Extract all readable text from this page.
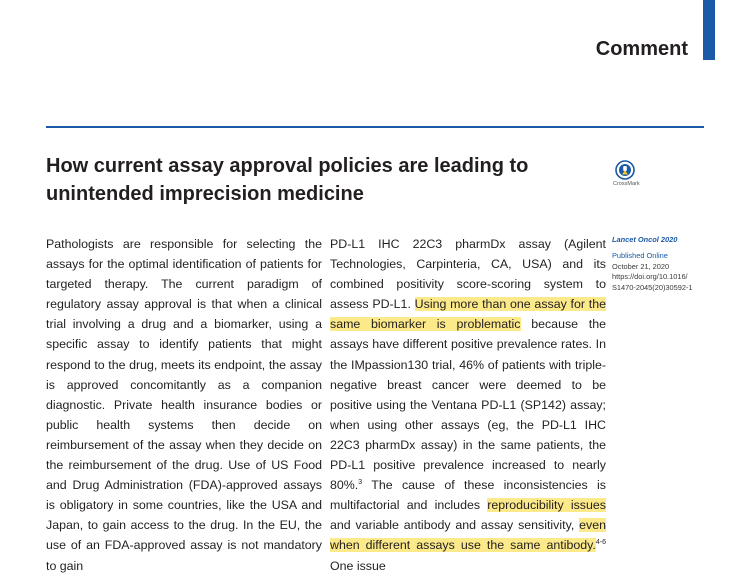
Comment
How current assay approval policies are leading to unintended imprecision medicine	CrossMark

Pathologists are responsible for selecting the assays for the optimal identification of patients for targeted therapy. The current paradigm of regulatory assay approval is that when a clinical trial involving a drug and a biomarker, using a specific assay to identify patients that might respond to the drug, meets its endpoint, the assay is approved concomitantly as a companion diagnostic. Private health insurance bodies or public health systems then decide on reimbursement of the assay when they decide on the reimbursement of the drug. Use of US Food and Drug Administration (FDA)-approved assays is obligatory in some countries, like the USA and Japan, to gain access to the drug. In the EU, the use of an FDA-approved assay is not mandatory to gain

PD-L1 IHC 22C3 pharmDx assay (Agilent Technologies, Carpinteria, CA, USA) and its combined positivity score-scoring system to assess PD-L1. Using more than one assay for the same biomarker is problematic because the assays have different positive prevalence rates. In the IMpassion130 trial, 46% of patients with triple-negative breast cancer were deemed to be positive using the Ventana PD-L1 (SP142) assay; when using other assays (eg, the PD-L1 IHC 22C3 pharmDx assay) in the same patients, the PD-L1 positive prevalence increased to nearly 80%.$^3$ The cause of these inconsistencies is multifactorial and includes reproducibility issues and variable antibody and assay sensitivity, even when different assays use the same antibody.$^{4-6}$ One issue

Lancet Oncol 2020
Published Online
October 21, 2020
https://doi.org/10.1016/
S1470-2045(20)30592-1
